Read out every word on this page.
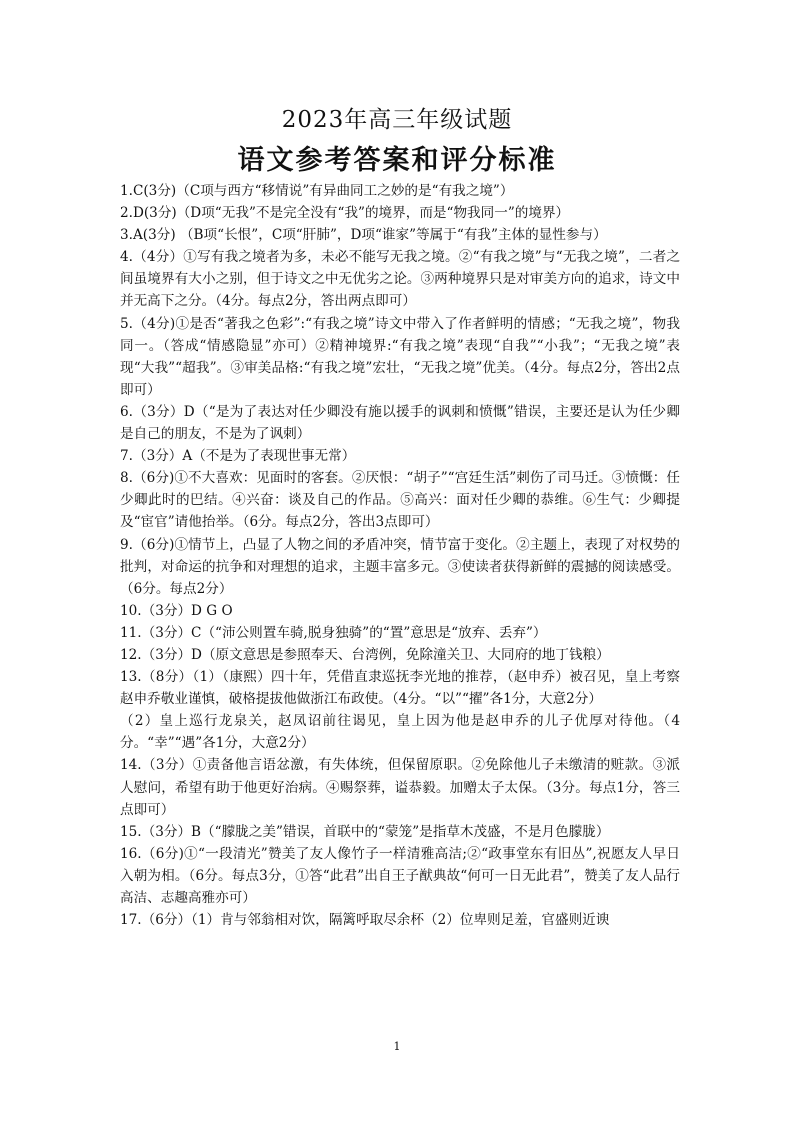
2023年高三年级试题
语文参考答案和评分标准

1.C(3分)（C项与西方“移情说”有异曲同工之妙的是“有我之境”）

2.D(3分)（D项“无我”不是完全没有“我”的境界，而是“物我同一”的境界）

3.A(3分) （B项“长恨”，C项“肝肺”，D项“谁家”等属于“有我”主体的显性参与）

4.（4分）①写有我之境者为多，未必不能写无我之境。②“有我之境”与“无我之境”，二者之间虽境界有大小之别，但于诗文之中无优劣之论。③两种境界只是对审美方向的追求，诗文中并无高下之分。（4分。每点2分，答出两点即可）

5.（4分)①是否“著我之色彩”:“有我之境”诗文中带入了作者鲜明的情感；“无我之境”，物我同一。（答成“情感隐显”亦可）②精神境界:“有我之境”表现“自我”“小我”；“无我之境”表现“大我”“超我”。③审美品格:“有我之境”宏壮，“无我之境”优美。（4分。每点2分，答出2点即可）

6.（3分）D（“是为了表达对任少卿没有施以援手的讽刺和愤慨”错误，主要还是认为任少卿是自己的朋友，不是为了讽刺）

7.（3分）A（不是为了表现世事无常）

8.（6分)①不大喜欢：见面时的客套。②厌恨：“胡子”“宫廷生活”刺伤了司马迁。③愤慨：任少卿此时的巴结。④兴奋：谈及自己的作品。⑤高兴：面对任少卿的恭维。⑥生气：少卿提及“宦官”请他抬举。（6分。每点2分，答出3点即可）

9.（6分)①情节上，凸显了人物之间的矛盾冲突，情节富于变化。②主题上，表现了对权势的批判，对命运的抗争和对理想的追求，主题丰富多元。③使读者获得新鲜的震撼的阅读感受。（6分。每点2分）

10.（3分）D G O

11.（3分）C（“沛公则置车骑,脱身独骑”的“置”意思是“放弃、丢弃”）

12.（3分）D（原文意思是参照奉天、台湾例，免除潼关卫、大同府的地丁钱粮）

13.（8分）（1）（康熙）四十年，凭借直隶巡抚李光地的推荐，（赵申乔）被召见，皇上考察赵申乔敬业谨慎，破格提拔他做浙江布政使。（4分。“以”“擢”各1分，大意2分）

（2）皇上巡行龙泉关，赵凤诏前往谒见，皇上因为他是赵申乔的儿子优厚对待他。（4分。“幸”“遇”各1分，大意2分）

14.（3分）①责备他言语忿激，有失体统，但保留原职。②免除他儿子未缴清的赃款。③派人慰问，希望有助于他更好治病。④赐祭葬，谥恭毅。加赠太子太保。（3分。每点1分，答三点即可）

15.（3分）B（“朦胧之美”错误，首联中的“蒙笼”是指草木茂盛，不是月色朦胧）

16.（6分)①“一段清光”赞美了友人像竹子一样清雅高洁;②“政事堂东有旧丛”,祝愿友人早日入朝为相。（6分。每点3分，①答“此君”出自王子猷典故“何可一日无此君”，赞美了友人品行高洁、志趣高雅亦可）

17.（6分）（1）肯与邻翁相对饮，隔篱呼取尽余杯（2）位卑则足羞，官盛则近谀

1
